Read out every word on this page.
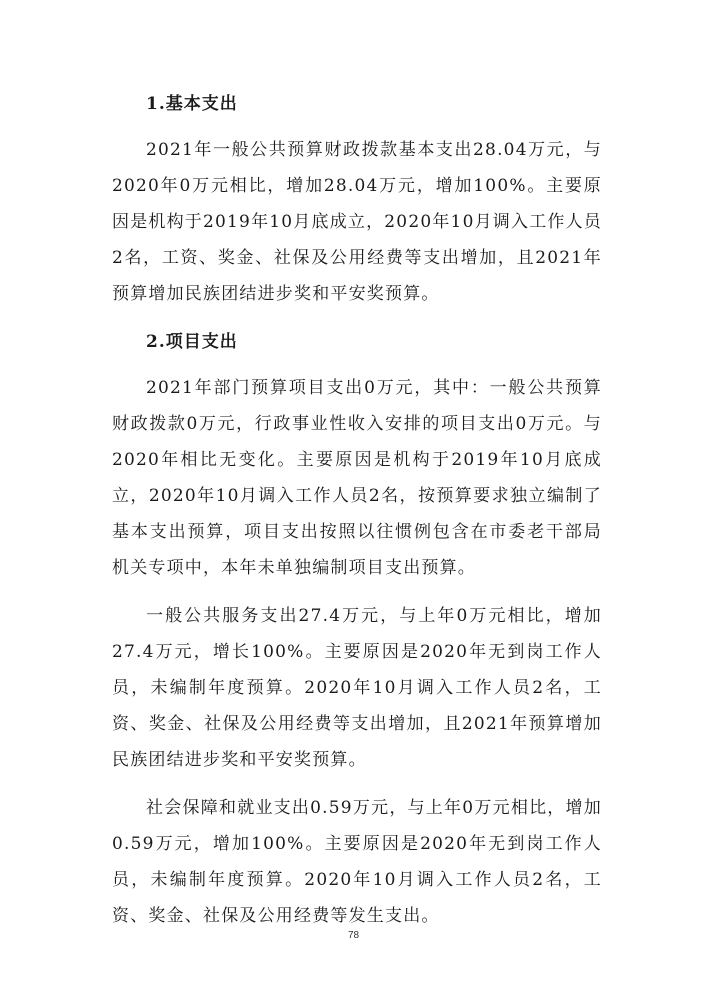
1.基本支出

2021年一般公共预算财政拨款基本支出28.04万元，与2020年0万元相比，增加28.04万元，增加100%。主要原因是机构于2019年10月底成立，2020年10月调入工作人员2名，工资、奖金、社保及公用经费等支出增加，且2021年预算增加民族团结进步奖和平安奖预算。

2.项目支出

2021年部门预算项目支出0万元，其中：一般公共预算财政拨款0万元，行政事业性收入安排的项目支出0万元。与2020年相比无变化。主要原因是机构于2019年10月底成立，2020年10月调入工作人员2名，按预算要求独立编制了基本支出预算，项目支出按照以往惯例包含在市委老干部局机关专项中，本年未单独编制项目支出预算。

一般公共服务支出27.4万元，与上年0万元相比，增加27.4万元，增长100%。主要原因是2020年无到岗工作人员，未编制年度预算。2020年10月调入工作人员2名，工资、奖金、社保及公用经费等支出增加，且2021年预算增加民族团结进步奖和平安奖预算。

社会保障和就业支出0.59万元，与上年0万元相比，增加0.59万元，增加100%。主要原因是2020年无到岗工作人员，未编制年度预算。2020年10月调入工作人员2名，工资、奖金、社保及公用经费等发生支出。

78
